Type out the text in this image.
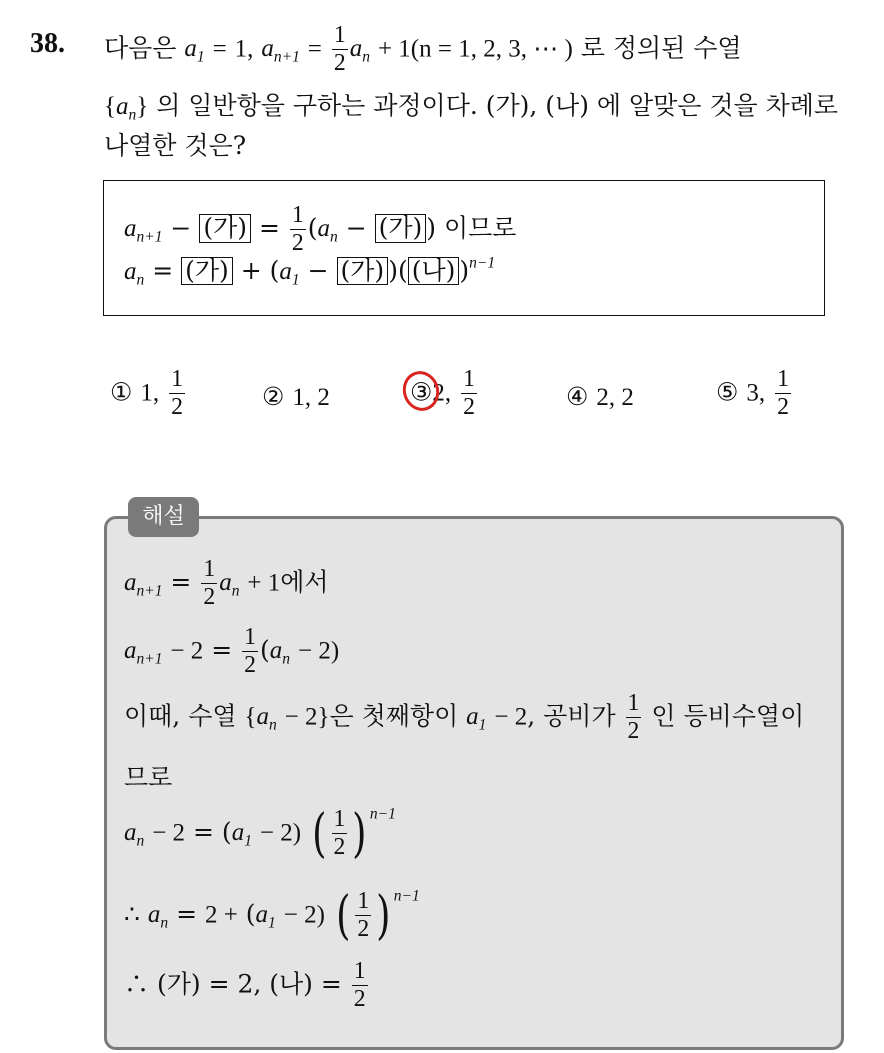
38. 다음은 $a_1 = 1$, $a_{n+1} = \frac{1}{2} a_n + 1(n = 1$, 2, 3, ⋯ ) 로 정의된 수열
$\{a_n\}$ 의 일반항을 구하는 과정이다. (가), (나) 에 알맞은 것을 차례로
나열한 것은?
$a_{n+1}$ − (가) = $\frac{1}{2} (a_n$ − (가) ) 이므로
$a_n$ = (가) + ($a_1$ − (가) )( (나) )$^{n-1}$
① 1, $\frac{1}{2}$	② 1, 2	③2, $\frac{1}{2}$	④ 2, 2	⑤ 3, $\frac{1}{2}$
해설
$a_{n+1} = \frac{1}{2} a_n + 1$에서
$a_{n+1} - 2 = \frac{1}{2} (a_n - 2)$
이때, 수열 $\{a_n - 2\}$은 첫째항이 $a_1 - 2$, 공비가 $\frac{1}{2}$ 인 등비수열이
므로
$a_n - 2 = (a_1 - 2)$ ( $\frac{1}{2}$ ) $^{n-1}$
∴ $a_n = 2 + (a_1 - 2)$ ( $\frac{1}{2}$ ) $^{n-1}$
∴ (가) = 2, (나) = $\frac{1}{2}$
